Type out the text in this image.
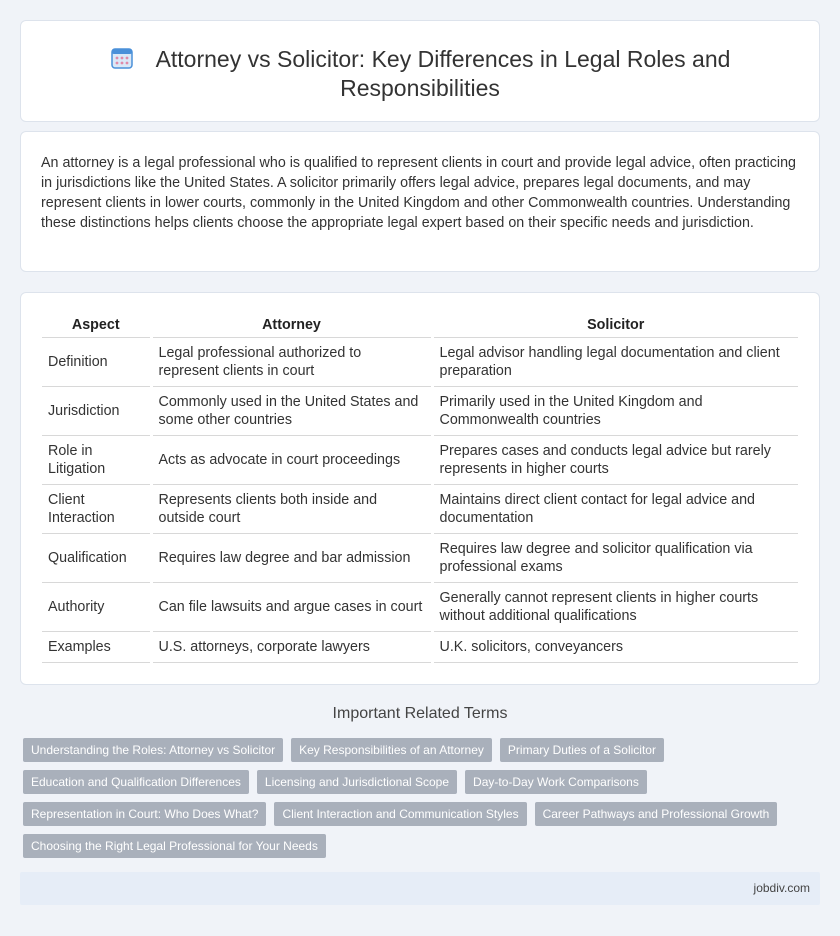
Attorney vs Solicitor: Key Differences in Legal Roles and Responsibilities

An attorney is a legal professional who is qualified to represent clients in court and provide legal advice, often practicing in jurisdictions like the United States. A solicitor primarily offers legal advice, prepares legal documents, and may represent clients in lower courts, commonly in the United Kingdom and other Commonwealth countries. Understanding these distinctions helps clients choose the appropriate legal expert based on their specific needs and jurisdiction.

Aspect	Attorney	Solicitor
Definition	Legal professional authorized to represent clients in court	Legal advisor handling legal documentation and client preparation
Jurisdiction	Commonly used in the United States and some other countries	Primarily used in the United Kingdom and Commonwealth countries
Role in Litigation	Acts as advocate in court proceedings	Prepares cases and conducts legal advice but rarely represents in higher courts
Client Interaction	Represents clients both inside and outside court	Maintains direct client contact for legal advice and documentation
Qualification	Requires law degree and bar admission	Requires law degree and solicitor qualification via professional exams
Authority	Can file lawsuits and argue cases in court	Generally cannot represent clients in higher courts without additional qualifications
Examples	U.S. attorneys, corporate lawyers	U.K. solicitors, conveyancers
Important Related Terms
Understanding the Roles: Attorney vs Solicitor	Key Responsibilities of an Attorney	Primary Duties of a Solicitor
Education and Qualification Differences	Licensing and Jurisdictional Scope	Day-to-Day Work Comparisons
Representation in Court: Who Does What?	Client Interaction and Communication Styles	Career Pathways and Professional Growth
Choosing the Right Legal Professional for Your Needs
jobdiv.com
